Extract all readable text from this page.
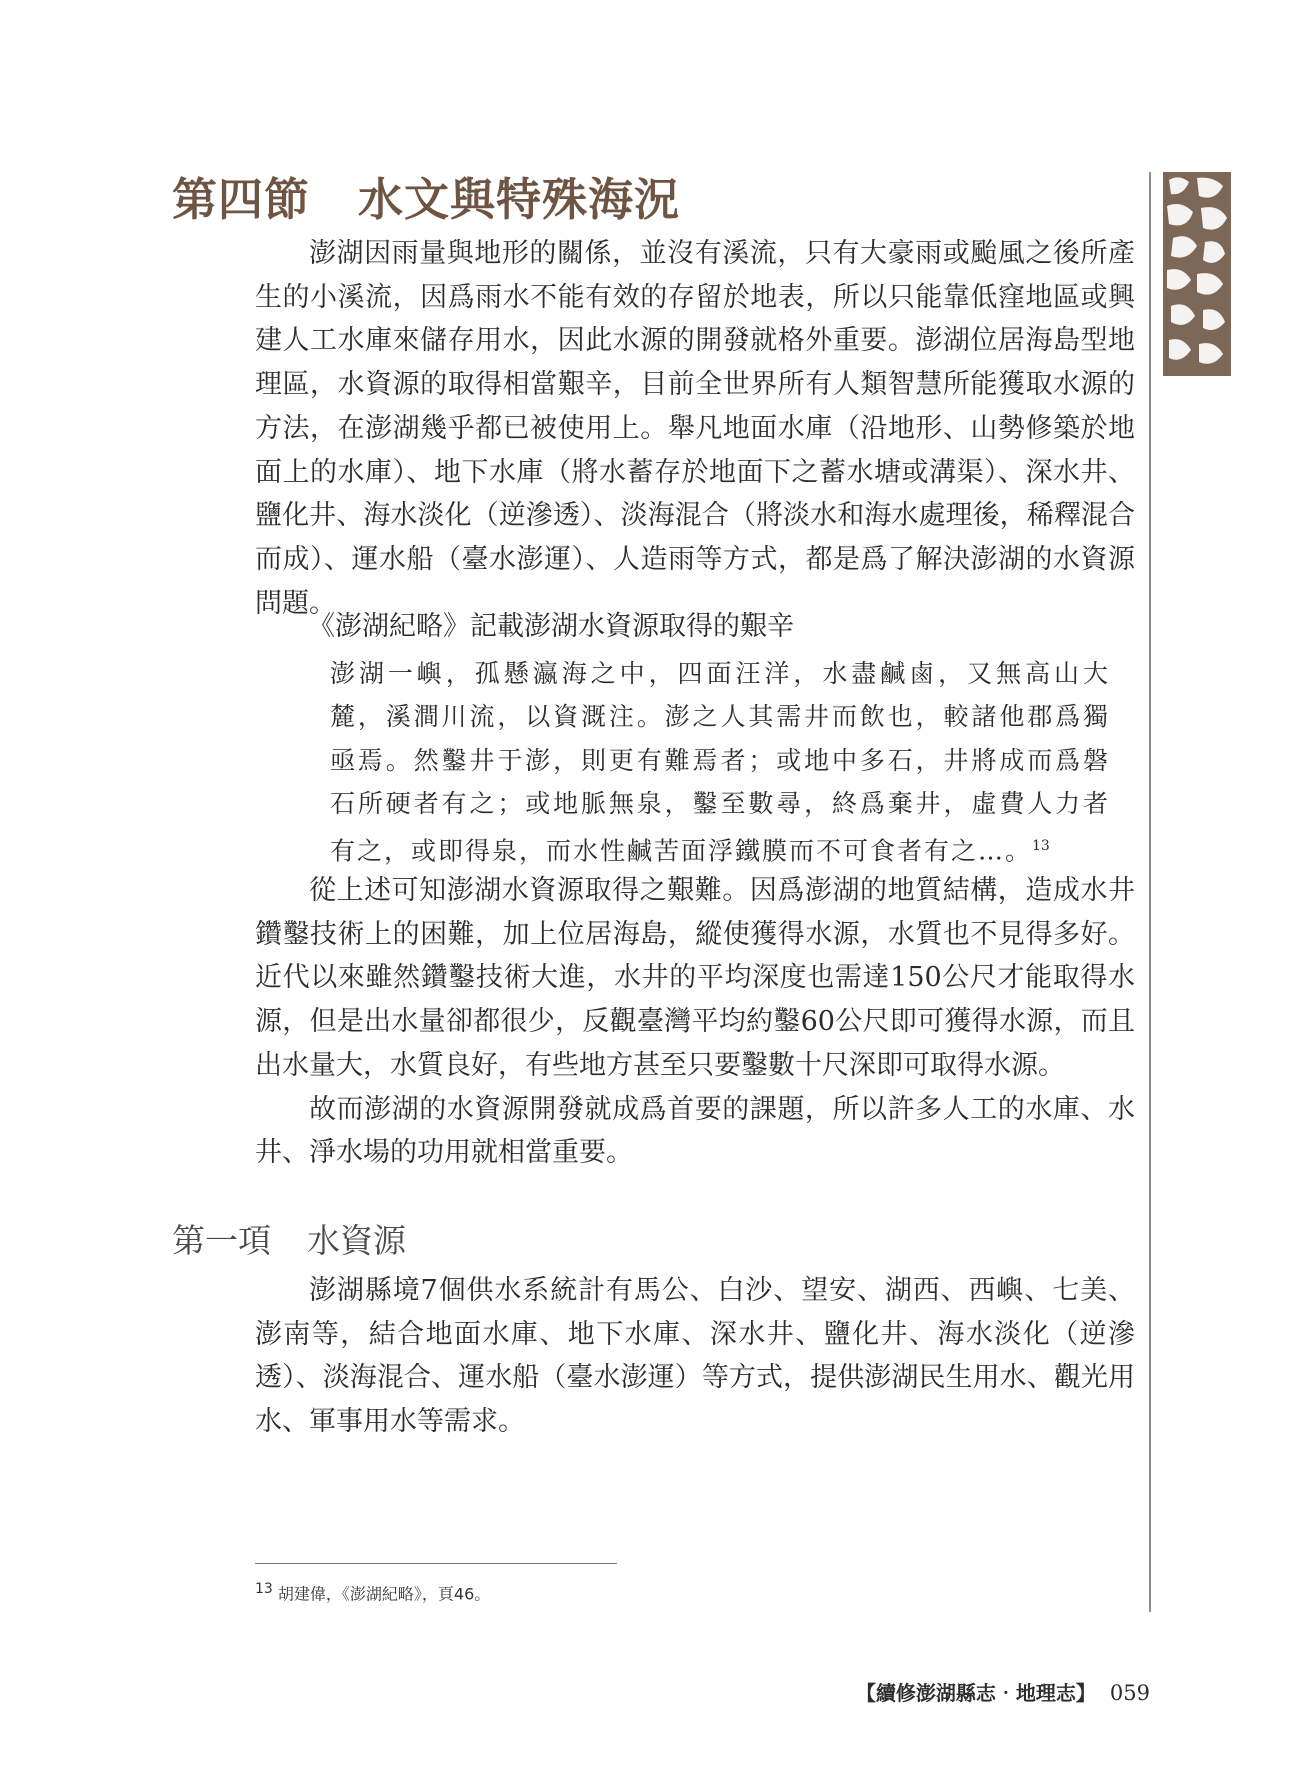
第四節 水文與特殊海況

澎湖因雨量與地形的關係，並沒有溪流，只有大豪雨或颱風之後所產生的小溪流，因爲雨水不能有效的存留於地表，所以只能靠低窪地區或興建人工水庫來儲存用水，因此水源的開發就格外重要。澎湖位居海島型地理區，水資源的取得相當艱辛，目前全世界所有人類智慧所能獲取水源的方法，在澎湖幾乎都已被使用上。舉凡地面水庫（沿地形、山勢修築於地面上的水庫）、地下水庫（將水蓄存於地面下之蓄水塘或溝渠）、深水井、鹽化井、海水淡化（逆滲透）、淡海混合（將淡水和海水處理後，稀釋混合而成）、運水船（臺水澎運）、人造雨等方式，都是爲了解決澎湖的水資源問題。

《澎湖紀略》記載澎湖水資源取得的艱辛
澎湖一嶼，孤懸瀛海之中，四面汪洋，水盡鹹鹵，又無高山大麓，溪澗川流，以資溉注。澎之人其需井而飲也，較諸他郡爲獨亟焉。然鑿井于澎，則更有難焉者；或地中多石，井將成而爲磐石所硬者有之；或地脈無泉，鑿至數尋，終爲棄井，虛費人力者有之，或即得泉，而水性鹹苦面浮鐵膜而不可食者有之…。$^{13}$

從上述可知澎湖水資源取得之艱難。因爲澎湖的地質結構，造成水井鑽鑿技術上的困難，加上位居海島，縱使獲得水源，水質也不見得多好。近代以來雖然鑽鑿技術大進，水井的平均深度也需達150公尺才能取得水源，但是出水量卻都很少，反觀臺灣平均約鑿60公尺即可獲得水源，而且出水量大，水質良好，有些地方甚至只要鑿數十尺深即可取得水源。

故而澎湖的水資源開發就成爲首要的課題，所以許多人工的水庫、水井、淨水場的功用就相當重要。

第一項 水資源

澎湖縣境7個供水系統計有馬公、白沙、望安、湖西、西嶼、七美、澎南等，結合地面水庫、地下水庫、深水井、鹽化井、海水淡化（逆滲透）、淡海混合、運水船（臺水澎運）等方式，提供澎湖民生用水、觀光用水、軍事用水等需求。

$^{13}$ 胡建偉，《澎湖紀略》，頁46。
【續修澎湖縣志‧地理志】 059
